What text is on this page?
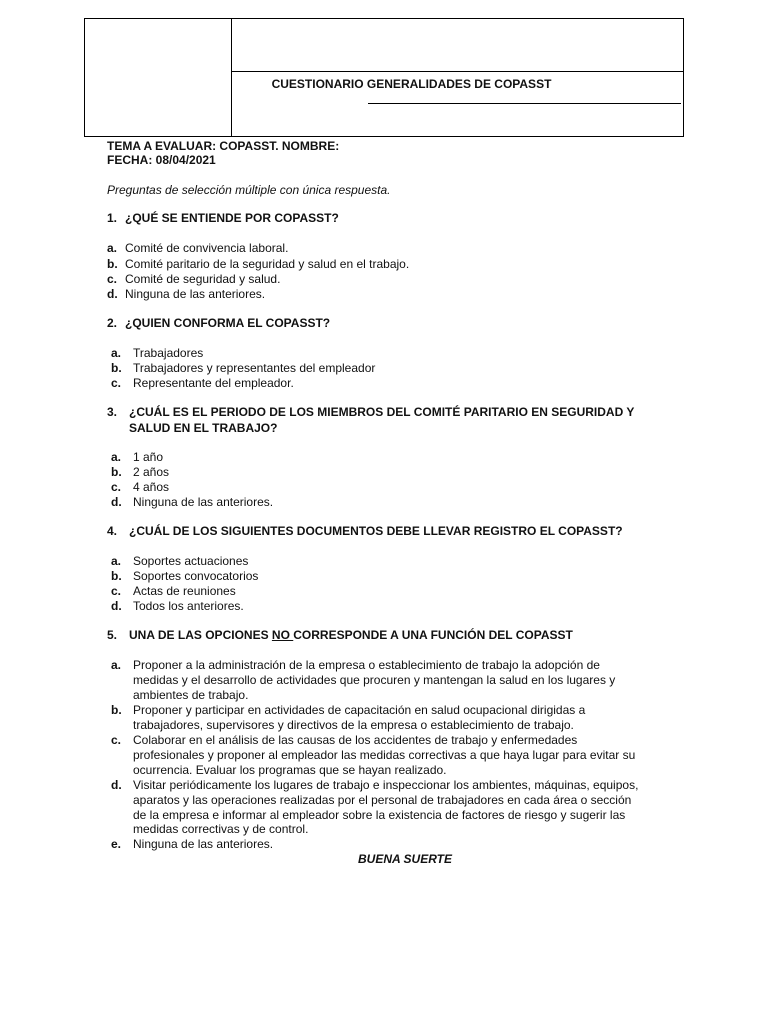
CUESTIONARIO GENERALIDADES DE COPASST
TEMA A EVALUAR: COPASST. NOMBRE:
FECHA: 08/04/2021
Preguntas de selección múltiple con única respuesta.
1. ¿QUÉ SE ENTIENDE POR COPASST?
a. Comité de convivencia laboral.
b. Comité paritario de la seguridad y salud en el trabajo.
c. Comité de seguridad y salud.
d. Ninguna de las anteriores.
2. ¿QUIEN CONFORMA EL COPASST?
a. Trabajadores
b. Trabajadores y representantes del empleador
c. Representante del empleador.
3. ¿CUÁL ES EL PERIODO DE LOS MIEMBROS DEL COMITÉ PARITARIO EN SEGURIDAD Y
SALUD EN EL TRABAJO?
a. 1 año
b. 2 años
c. 4 años
d. Ninguna de las anteriores.
4. ¿CUÁL DE LOS SIGUIENTES DOCUMENTOS DEBE LLEVAR REGISTRO EL COPASST?
a. Soportes actuaciones
b. Soportes convocatorios
c. Actas de reuniones
d. Todos los anteriores.
5. UNA DE LAS OPCIONES NO CORRESPONDE A UNA FUNCIÓN DEL COPASST
a. Proponer a la administración de la empresa o establecimiento de trabajo la adopción de
medidas y el desarrollo de actividades que procuren y mantengan la salud en los lugares y
ambientes de trabajo.
b. Proponer y participar en actividades de capacitación en salud ocupacional dirigidas a
trabajadores, supervisores y directivos de la empresa o establecimiento de trabajo.
c. Colaborar en el análisis de las causas de los accidentes de trabajo y enfermedades
profesionales y proponer al empleador las medidas correctivas a que haya lugar para evitar su
ocurrencia. Evaluar los programas que se hayan realizado.
d. Visitar periódicamente los lugares de trabajo e inspeccionar los ambientes, máquinas, equipos,
aparatos y las operaciones realizadas por el personal de trabajadores en cada área o sección
de la empresa e informar al empleador sobre la existencia de factores de riesgo y sugerir las
medidas correctivas y de control.
e. Ninguna de las anteriores.
BUENA SUERTE
